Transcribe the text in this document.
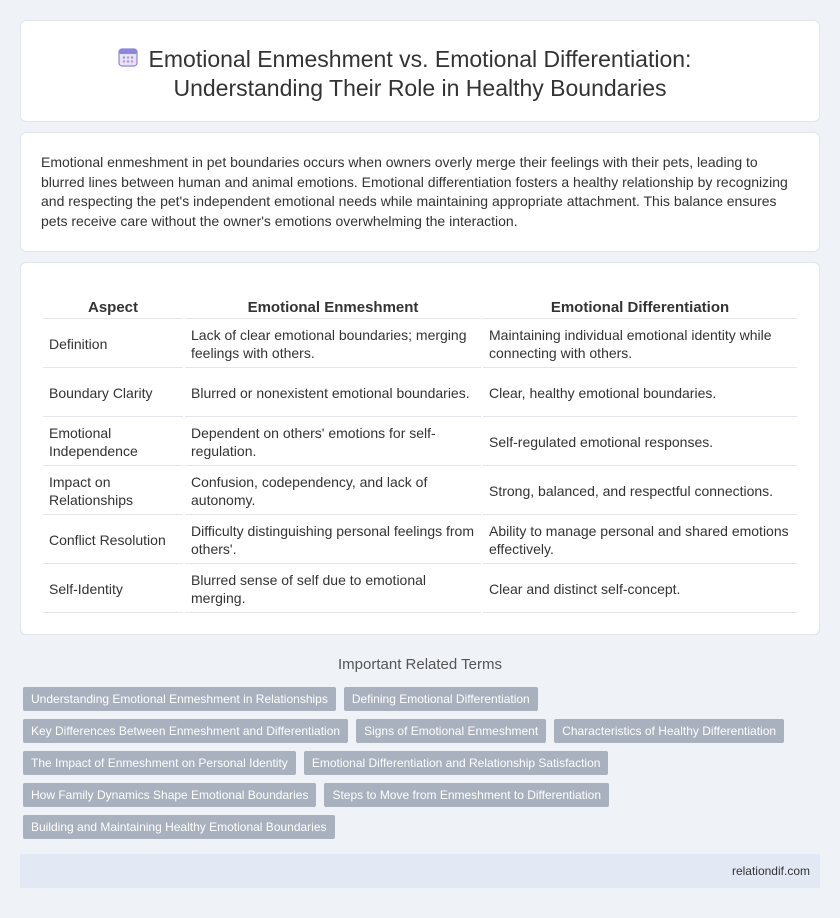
Emotional Enmeshment vs. Emotional Differentiation:
Understanding Their Role in Healthy Boundaries

Emotional enmeshment in pet boundaries occurs when owners overly merge their feelings with their pets, leading to blurred lines between human and animal emotions. Emotional differentiation fosters a healthy relationship by recognizing and respecting the pet's independent emotional needs while maintaining appropriate attachment. This balance ensures pets receive care without the owner's emotions overwhelming the interaction.

Aspect	Emotional Enmeshment	Emotional Differentiation
Definition	Lack of clear emotional boundaries; merging feelings with others.	Maintaining individual emotional identity while connecting with others.
Boundary Clarity	Blurred or nonexistent emotional boundaries.	Clear, healthy emotional boundaries.
Emotional Independence	Dependent on others' emotions for self-regulation.	Self-regulated emotional responses.
Impact on Relationships	Confusion, codependency, and lack of autonomy.	Strong, balanced, and respectful connections.
Conflict Resolution	Difficulty distinguishing personal feelings from others'.	Ability to manage personal and shared emotions effectively.
Self-Identity	Blurred sense of self due to emotional merging.	Clear and distinct self-concept.
Important Related Terms
Understanding Emotional Enmeshment in Relationships	Defining Emotional Differentiation
Key Differences Between Enmeshment and Differentiation	Signs of Emotional Enmeshment	Characteristics of Healthy Differentiation
The Impact of Enmeshment on Personal Identity	Emotional Differentiation and Relationship Satisfaction
How Family Dynamics Shape Emotional Boundaries	Steps to Move from Enmeshment to Differentiation
Building and Maintaining Healthy Emotional Boundaries
relationdif.com
